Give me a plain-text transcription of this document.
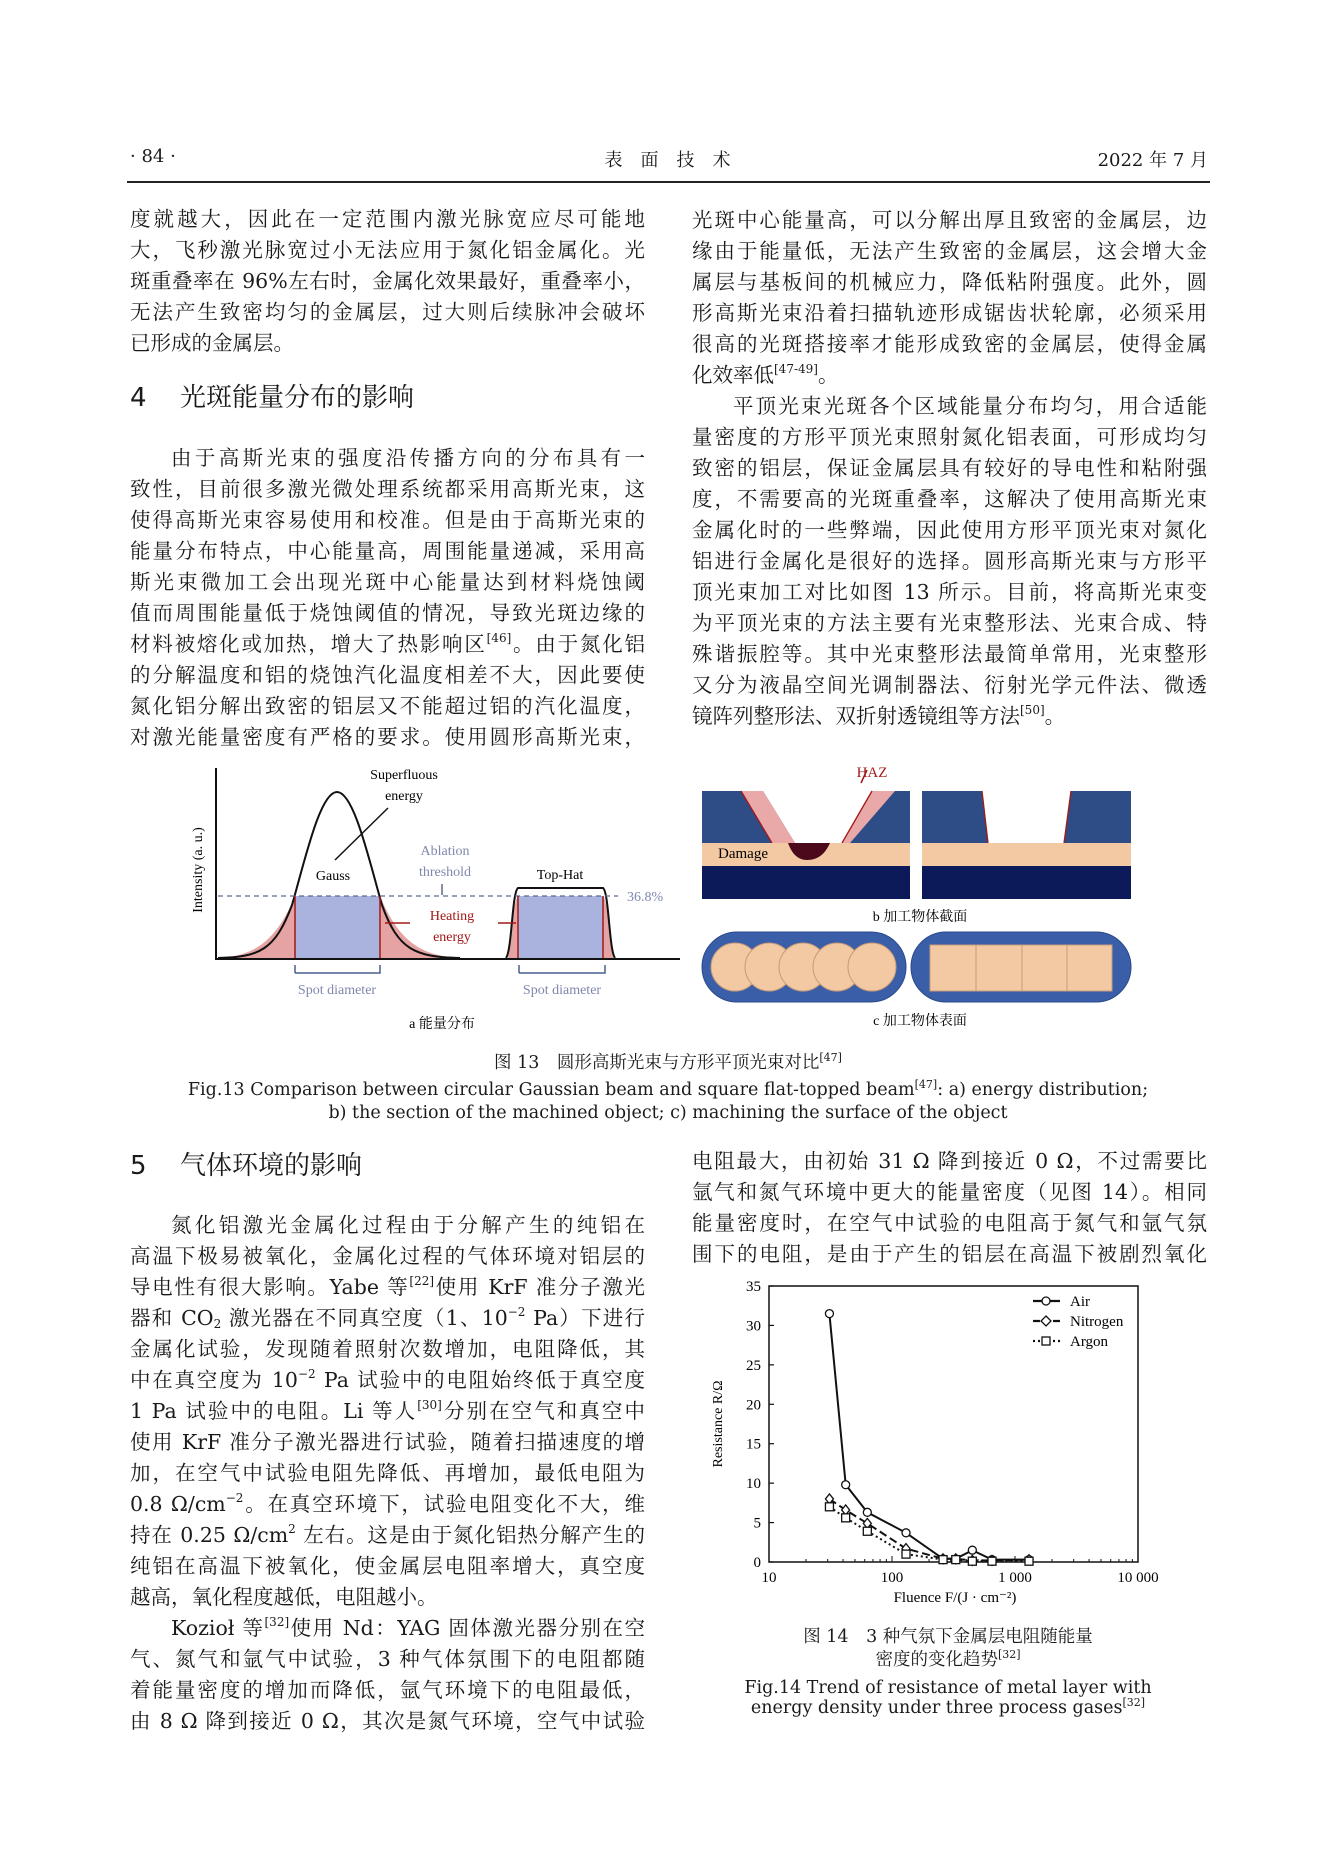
· 84 ·	表　面　技　术	2022 年 7 月
度就越大，因此在一定范围内激光脉宽应尽可能地
大，飞秒激光脉宽过小无法应用于氮化铝金属化。光
斑重叠率在 96%左右时，金属化效果最好，重叠率小，
无法产生致密均匀的金属层，过大则后续脉冲会破坏
已形成的金属层。
4 光斑能量分布的影响
由于高斯光束的强度沿传播方向的分布具有一
致性，目前很多激光微处理系统都采用高斯光束，这
使得高斯光束容易使用和校准。但是由于高斯光束的
能量分布特点，中心能量高，周围能量递减，采用高
斯光束微加工会出现光斑中心能量达到材料烧蚀阈
值而周围能量低于烧蚀阈值的情况，导致光斑边缘的
材料被熔化或加热，增大了热影响区[46]。由于氮化铝
的分解温度和铝的烧蚀汽化温度相差不大，因此要使
氮化铝分解出致密的铝层又不能超过铝的汽化温度，
对激光能量密度有严格的要求。使用圆形高斯光束，
光斑中心能量高，可以分解出厚且致密的金属层，边
缘由于能量低，无法产生致密的金属层，这会增大金
属层与基板间的机械应力，降低粘附强度。此外，圆
形高斯光束沿着扫描轨迹形成锯齿状轮廓，必须采用
很高的光斑搭接率才能形成致密的金属层，使得金属
化效率低[47-49]。
平顶光束光斑各个区域能量分布均匀，用合适能
量密度的方形平顶光束照射氮化铝表面，可形成均匀
致密的铝层，保证金属层具有较好的导电性和粘附强
度，不需要高的光斑重叠率，这解决了使用高斯光束
金属化时的一些弊端，因此使用方形平顶光束对氮化
铝进行金属化是很好的选择。圆形高斯光束与方形平
顶光束加工对比如图 13 所示。目前，将高斯光束变
为平顶光束的方法主要有光束整形法、光束合成、特
殊谐振腔等。其中光束整形法最简单常用，光束整形
又分为液晶空间光调制器法、衍射光学元件法、微透
镜阵列整形法、双折射透镜组等方法[50]。
Intensity (a. u.)
Superfluous
energy
Gauss	Top-Hat
Ablation
threshold
36.8%
Heating
energy
Spot diameter	Spot diameter
a 能量分布
HAZ
Damage
b 加工物体截面
c 加工物体表面
图 13　圆形高斯光束与方形平顶光束对比[47]
Fig.13 Comparison between circular Gaussian beam and square flat-topped beam[47]: a) energy distribution;
b) the section of the machined object; c) machining the surface of the object
5 气体环境的影响
氮化铝激光金属化过程由于分解产生的纯铝在
高温下极易被氧化，金属化过程的气体环境对铝层的
导电性有很大影响。Yabe 等[22]使用 KrF 准分子激光
器和 $CO_2$ 激光器在不同真空度（1、$10^{-2}$ Pa）下进行
金属化试验，发现随着照射次数增加，电阻降低，其
中在真空度为 $10^{-2}$ Pa 试验中的电阻始终低于真空度
1 Pa 试验中的电阻。Li 等人[30]分别在空气和真空中
使用 KrF 准分子激光器进行试验，随着扫描速度的增
加，在空气中试验电阻先降低、再增加，最低电阻为
0.8 $\Omega/cm^{-2}$。在真空环境下，试验电阻变化不大，维
持在 0.25 $\Omega/cm^2$ 左右。这是由于氮化铝热分解产生的
纯铝在高温下被氧化，使金属层电阻率增大，真空度
越高，氧化程度越低，电阻越小。
Kozioł 等[32]使用 Nd：YAG 固体激光器分别在空
气、氮气和氩气中试验，3 种气体氛围下的电阻都随
着能量密度的增加而降低，氩气环境下的电阻最低，
由 8 Ω 降到接近 0 Ω，其次是氮气环境，空气中试验
电阻最大，由初始 31 Ω 降到接近 0 Ω，不过需要比
氩气和氮气环境中更大的能量密度（见图 14）。相同
能量密度时，在空气中试验的电阻高于氮气和氩气氛
围下的电阻，是由于产生的铝层在高温下被剧烈氧化
0
5
10
15
20
25
30
35
10	100	1 000	10 000
Air
Nitrogen
Argon
Resistance R/Ω
Fluence F/(J · cm⁻²)
图 14　3 种气氛下金属层电阻随能量
密度的变化趋势[32]
Fig.14 Trend of resistance of metal layer with
energy density under three process gases[32]
